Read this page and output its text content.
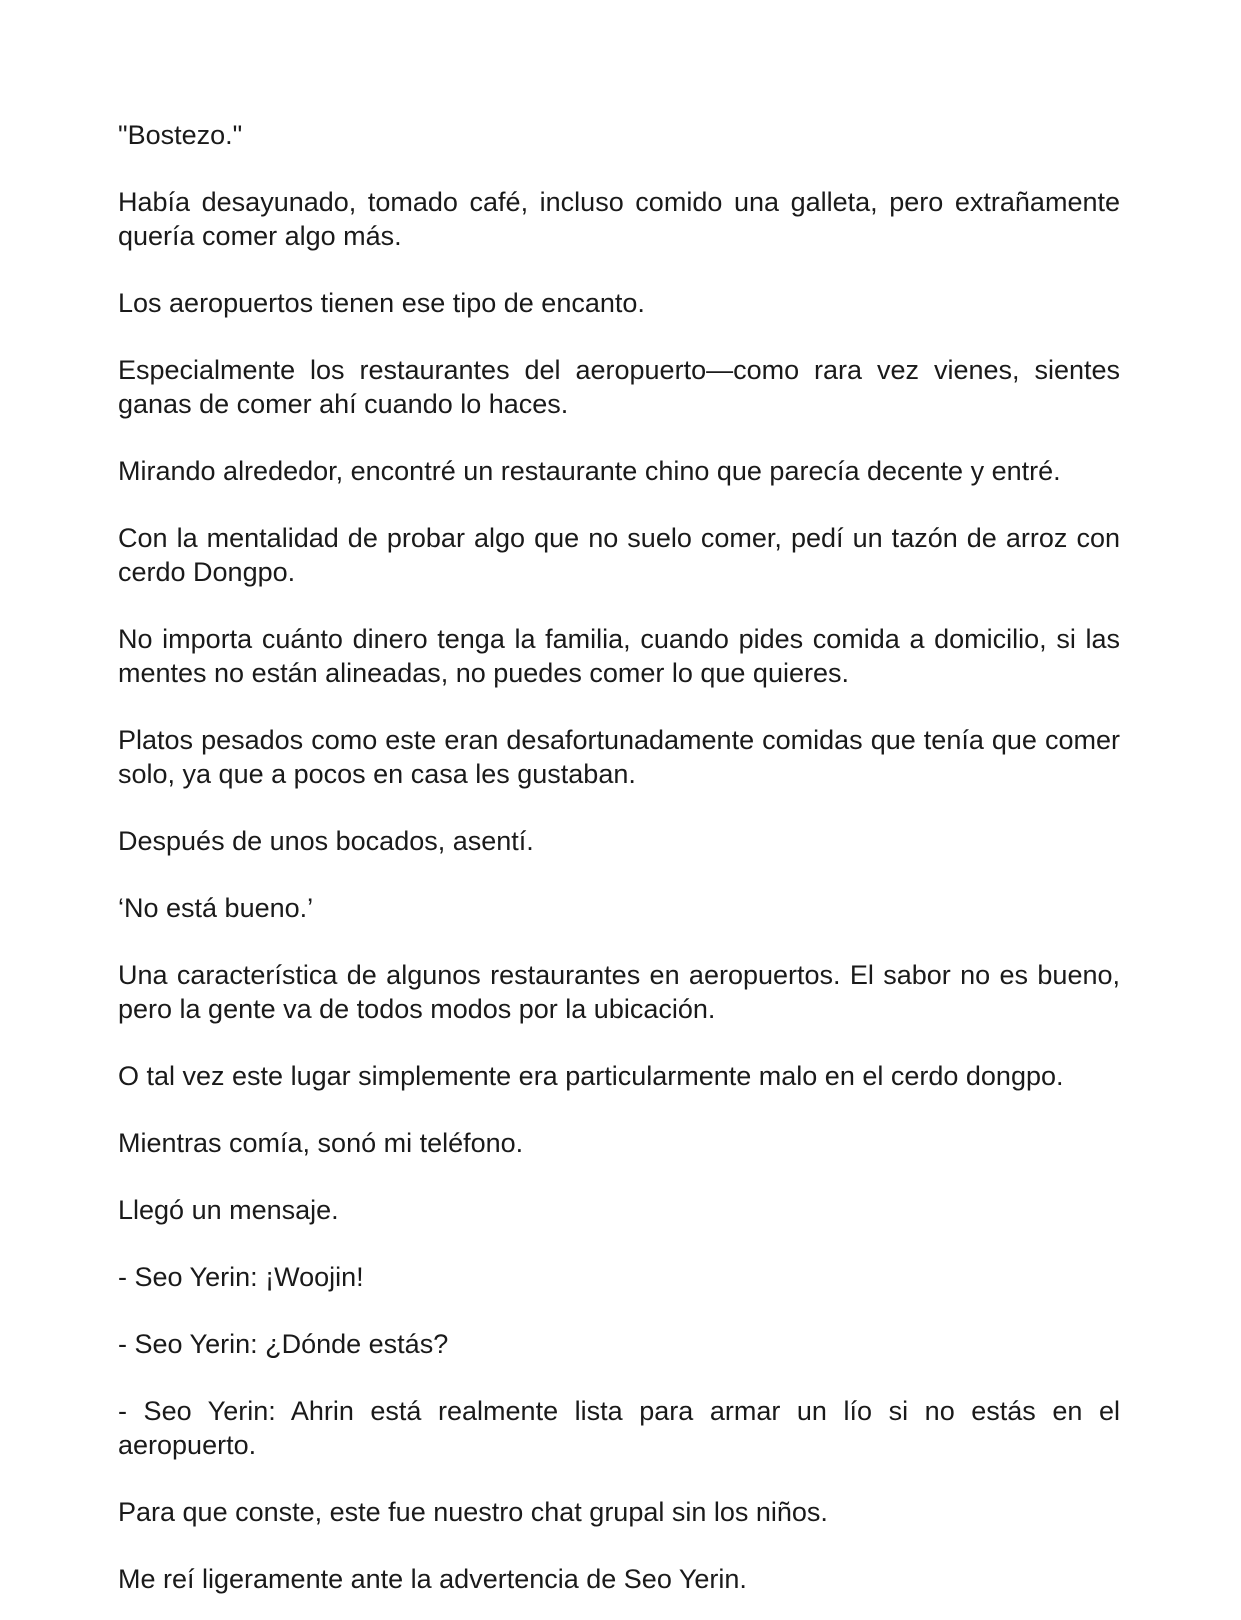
"Bostezo."

Había desayunado, tomado café, incluso comido una galleta, pero extrañamente quería comer algo más.

Los aeropuertos tienen ese tipo de encanto.

Especialmente los restaurantes del aeropuerto—como rara vez vienes, sientes ganas de comer ahí cuando lo haces.

Mirando alrededor, encontré un restaurante chino que parecía decente y entré.

Con la mentalidad de probar algo que no suelo comer, pedí un tazón de arroz con cerdo Dongpo.

No importa cuánto dinero tenga la familia, cuando pides comida a domicilio, si las mentes no están alineadas, no puedes comer lo que quieres.

Platos pesados como este eran desafortunadamente comidas que tenía que comer solo, ya que a pocos en casa les gustaban.

Después de unos bocados, asentí.

‘No está bueno.’

Una característica de algunos restaurantes en aeropuertos. El sabor no es bueno, pero la gente va de todos modos por la ubicación.

O tal vez este lugar simplemente era particularmente malo en el cerdo dongpo.

Mientras comía, sonó mi teléfono.

Llegó un mensaje.

- Seo Yerin: ¡Woojin!

- Seo Yerin: ¿Dónde estás?

- Seo Yerin: Ahrin está realmente lista para armar un lío si no estás en el aeropuerto.

Para que conste, este fue nuestro chat grupal sin los niños.

Me reí ligeramente ante la advertencia de Seo Yerin.
